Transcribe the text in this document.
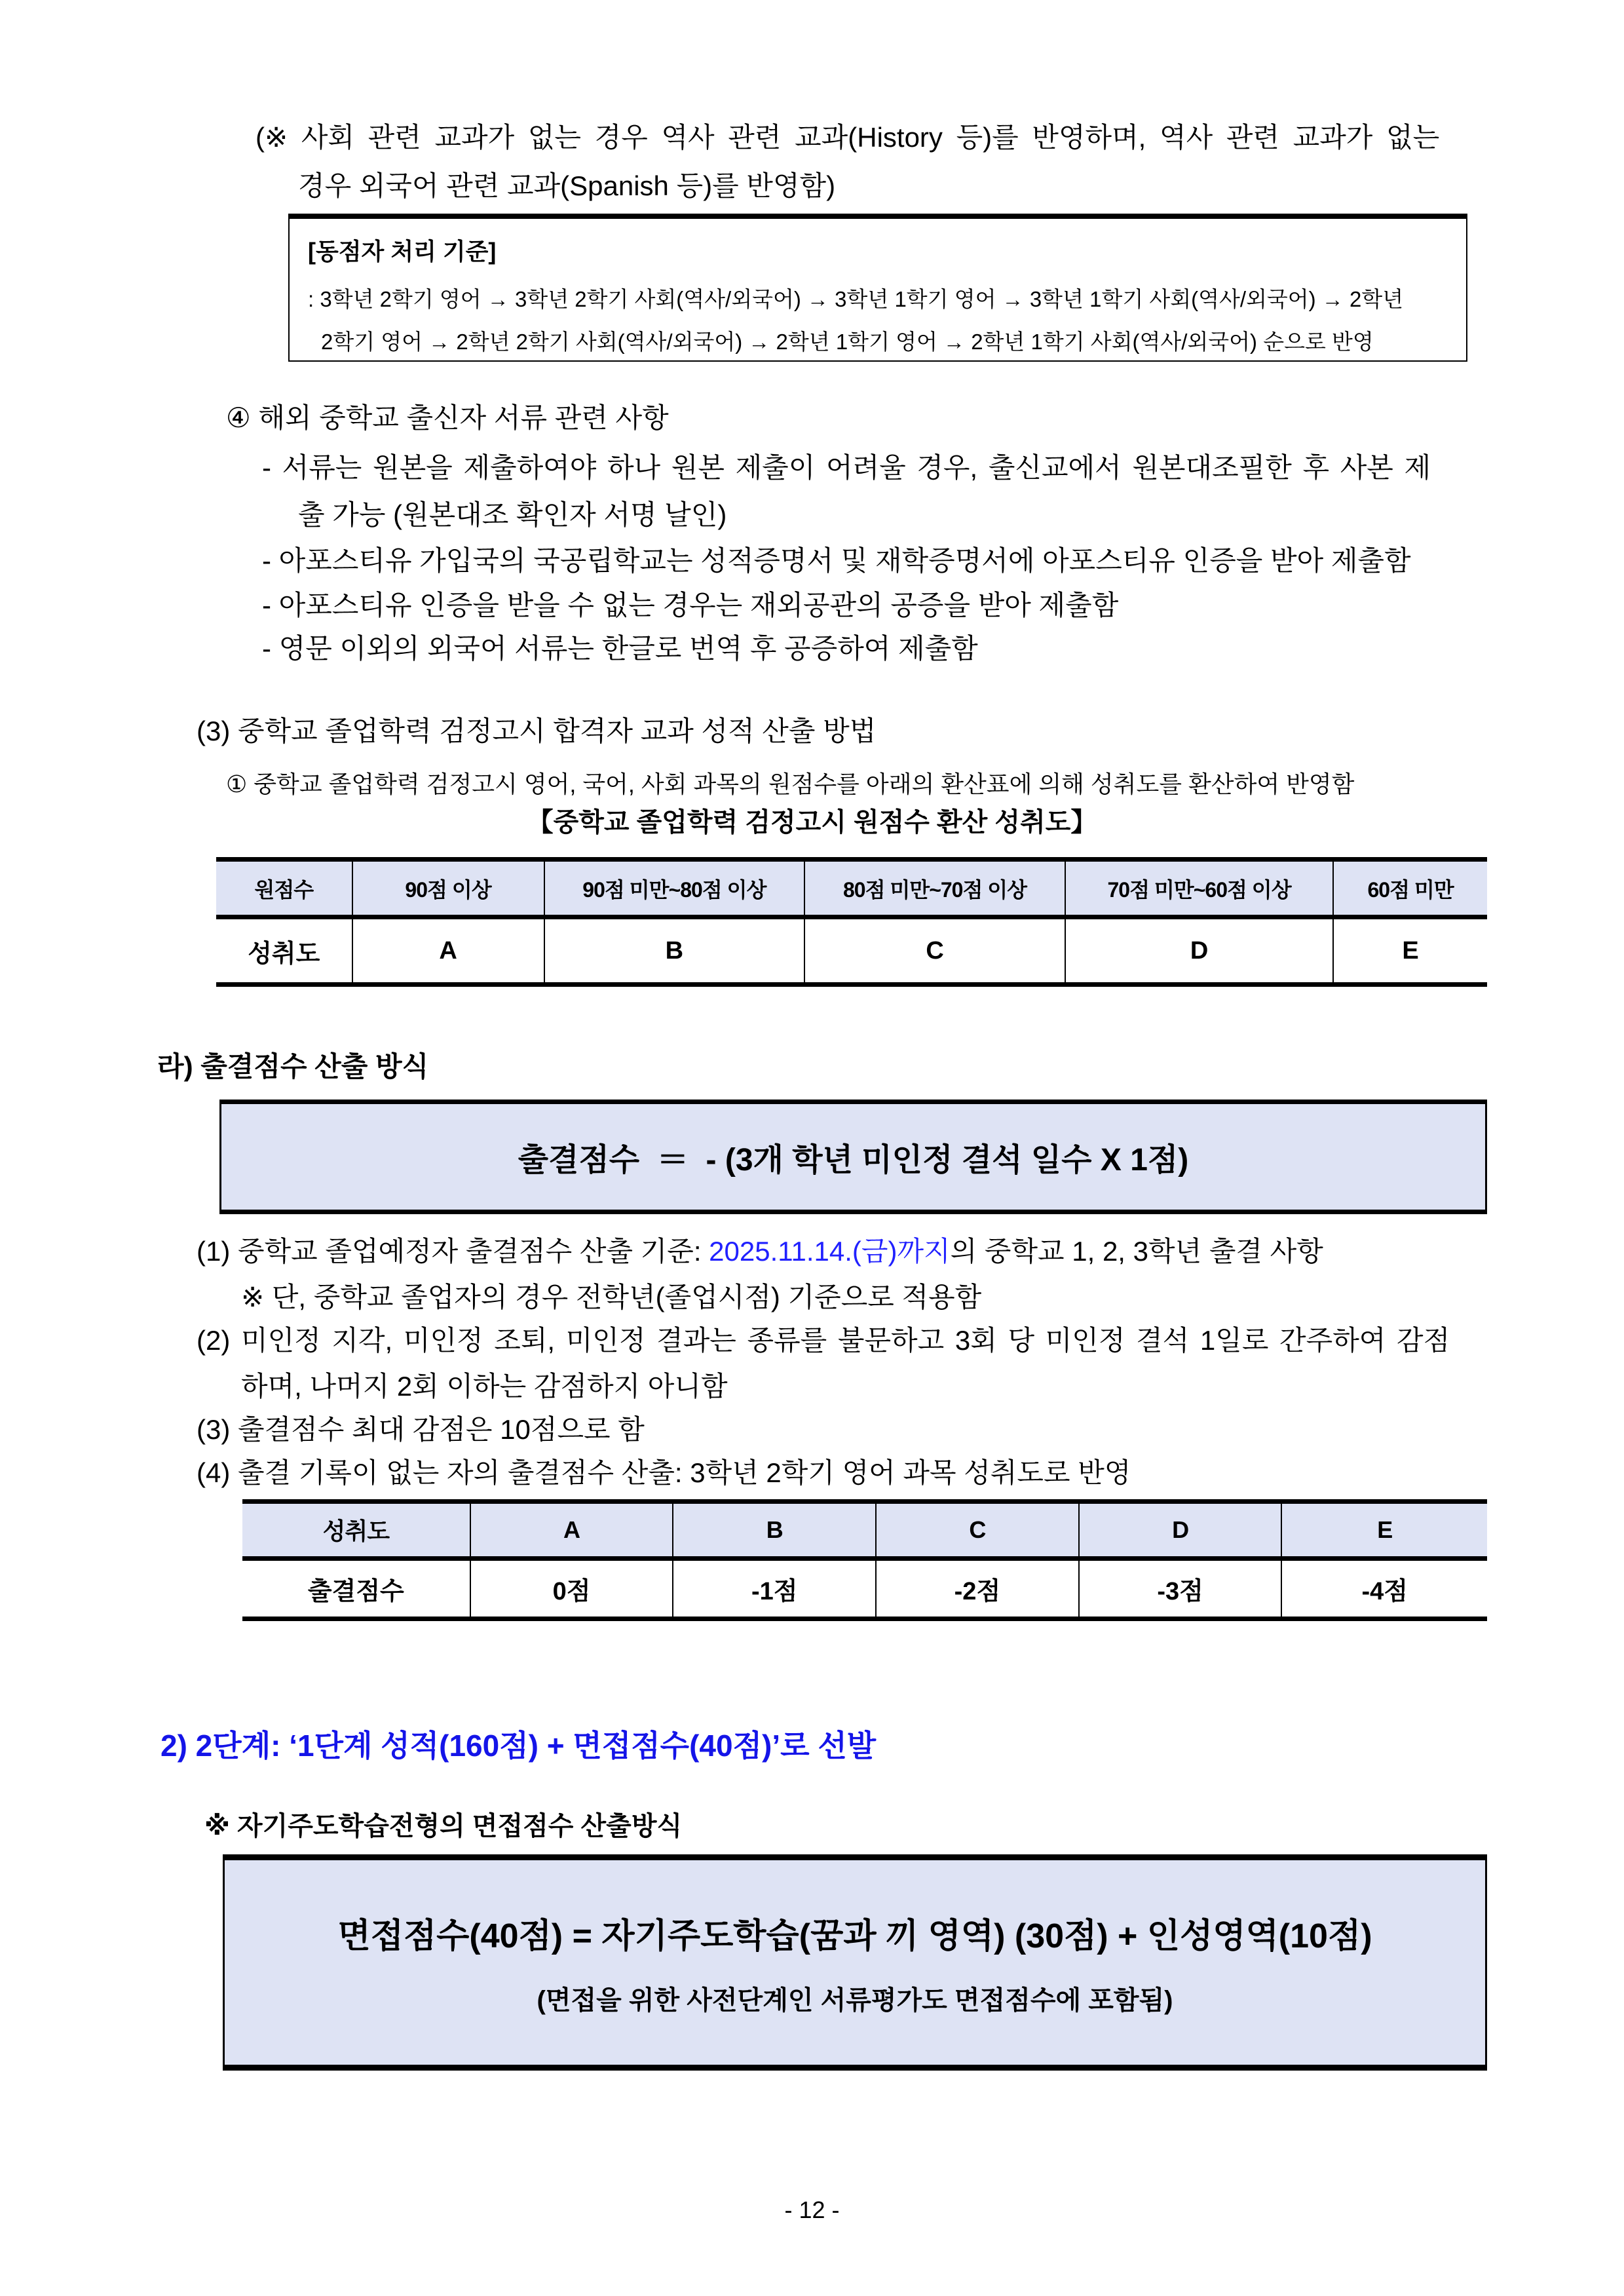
(※ 사회 관련 교과가 없는 경우 역사 관련 교과(History 등)를 반영하며, 역사 관련 교과가 없는
경우 외국어 관련 교과(Spanish 등)를 반영함)
[동점자 처리 기준]
: 3학년 2학기 영어 → 3학년 2학기 사회(역사/외국어) → 3학년 1학기 영어 → 3학년 1학기 사회(역사/외국어) → 2학년
2학기 영어 → 2학년 2학기 사회(역사/외국어) → 2학년 1학기 영어 → 2학년 1학기 사회(역사/외국어) 순으로 반영
④ 해외 중학교 출신자 서류 관련 사항
- 서류는 원본을 제출하여야 하나 원본 제출이 어려울 경우, 출신교에서 원본대조필한 후 사본 제
출 가능 (원본대조 확인자 서명 날인)
- 아포스티유 가입국의 국공립학교는 성적증명서 및 재학증명서에 아포스티유 인증을 받아 제출함
- 아포스티유 인증을 받을 수 없는 경우는 재외공관의 공증을 받아 제출함
- 영문 이외의 외국어 서류는 한글로 번역 후 공증하여 제출함
(3) 중학교 졸업학력 검정고시 합격자 교과 성적 산출 방법
① 중학교 졸업학력 검정고시 영어, 국어, 사회 과목의 원점수를 아래의 환산표에 의해 성취도를 환산하여 반영함
【중학교 졸업학력 검정고시 원점수 환산 성취도】
원점수	90점 이상	90점 미만~80점 이상	80점 미만~70점 이상	70점 미만~60점 이상	60점 미만
성취도	A	B	C	D	E
라) 출결점수 산출 방식
출결점수  ＝  - (3개 학년 미인정 결석 일수 X 1점)
(1) 중학교 졸업예정자 출결점수 산출 기준: 2025.11.14.(금)까지의 중학교 1, 2, 3학년 출결 사항
※ 단, 중학교 졸업자의 경우 전학년(졸업시점) 기준으로 적용함
(2) 미인정 지각, 미인정 조퇴, 미인정 결과는 종류를 불문하고 3회 당 미인정 결석 1일로 간주하여 감점
하며, 나머지 2회 이하는 감점하지 아니함
(3) 출결점수 최대 감점은 10점으로 함
(4) 출결 기록이 없는 자의 출결점수 산출: 3학년 2학기 영어 과목 성취도로 반영
성취도	A	B	C	D	E
출결점수	0점	-1점	-2점	-3점	-4점
2) 2단계: ‘1단계 성적(160점) + 면접점수(40점)’로 선발
※ 자기주도학습전형의 면접점수 산출방식
면접점수(40점) = 자기주도학습(꿈과 끼 영역) (30점) + 인성영역(10점)
(면접을 위한 사전단계인 서류평가도 면접점수에 포함됨)
- 12 -
